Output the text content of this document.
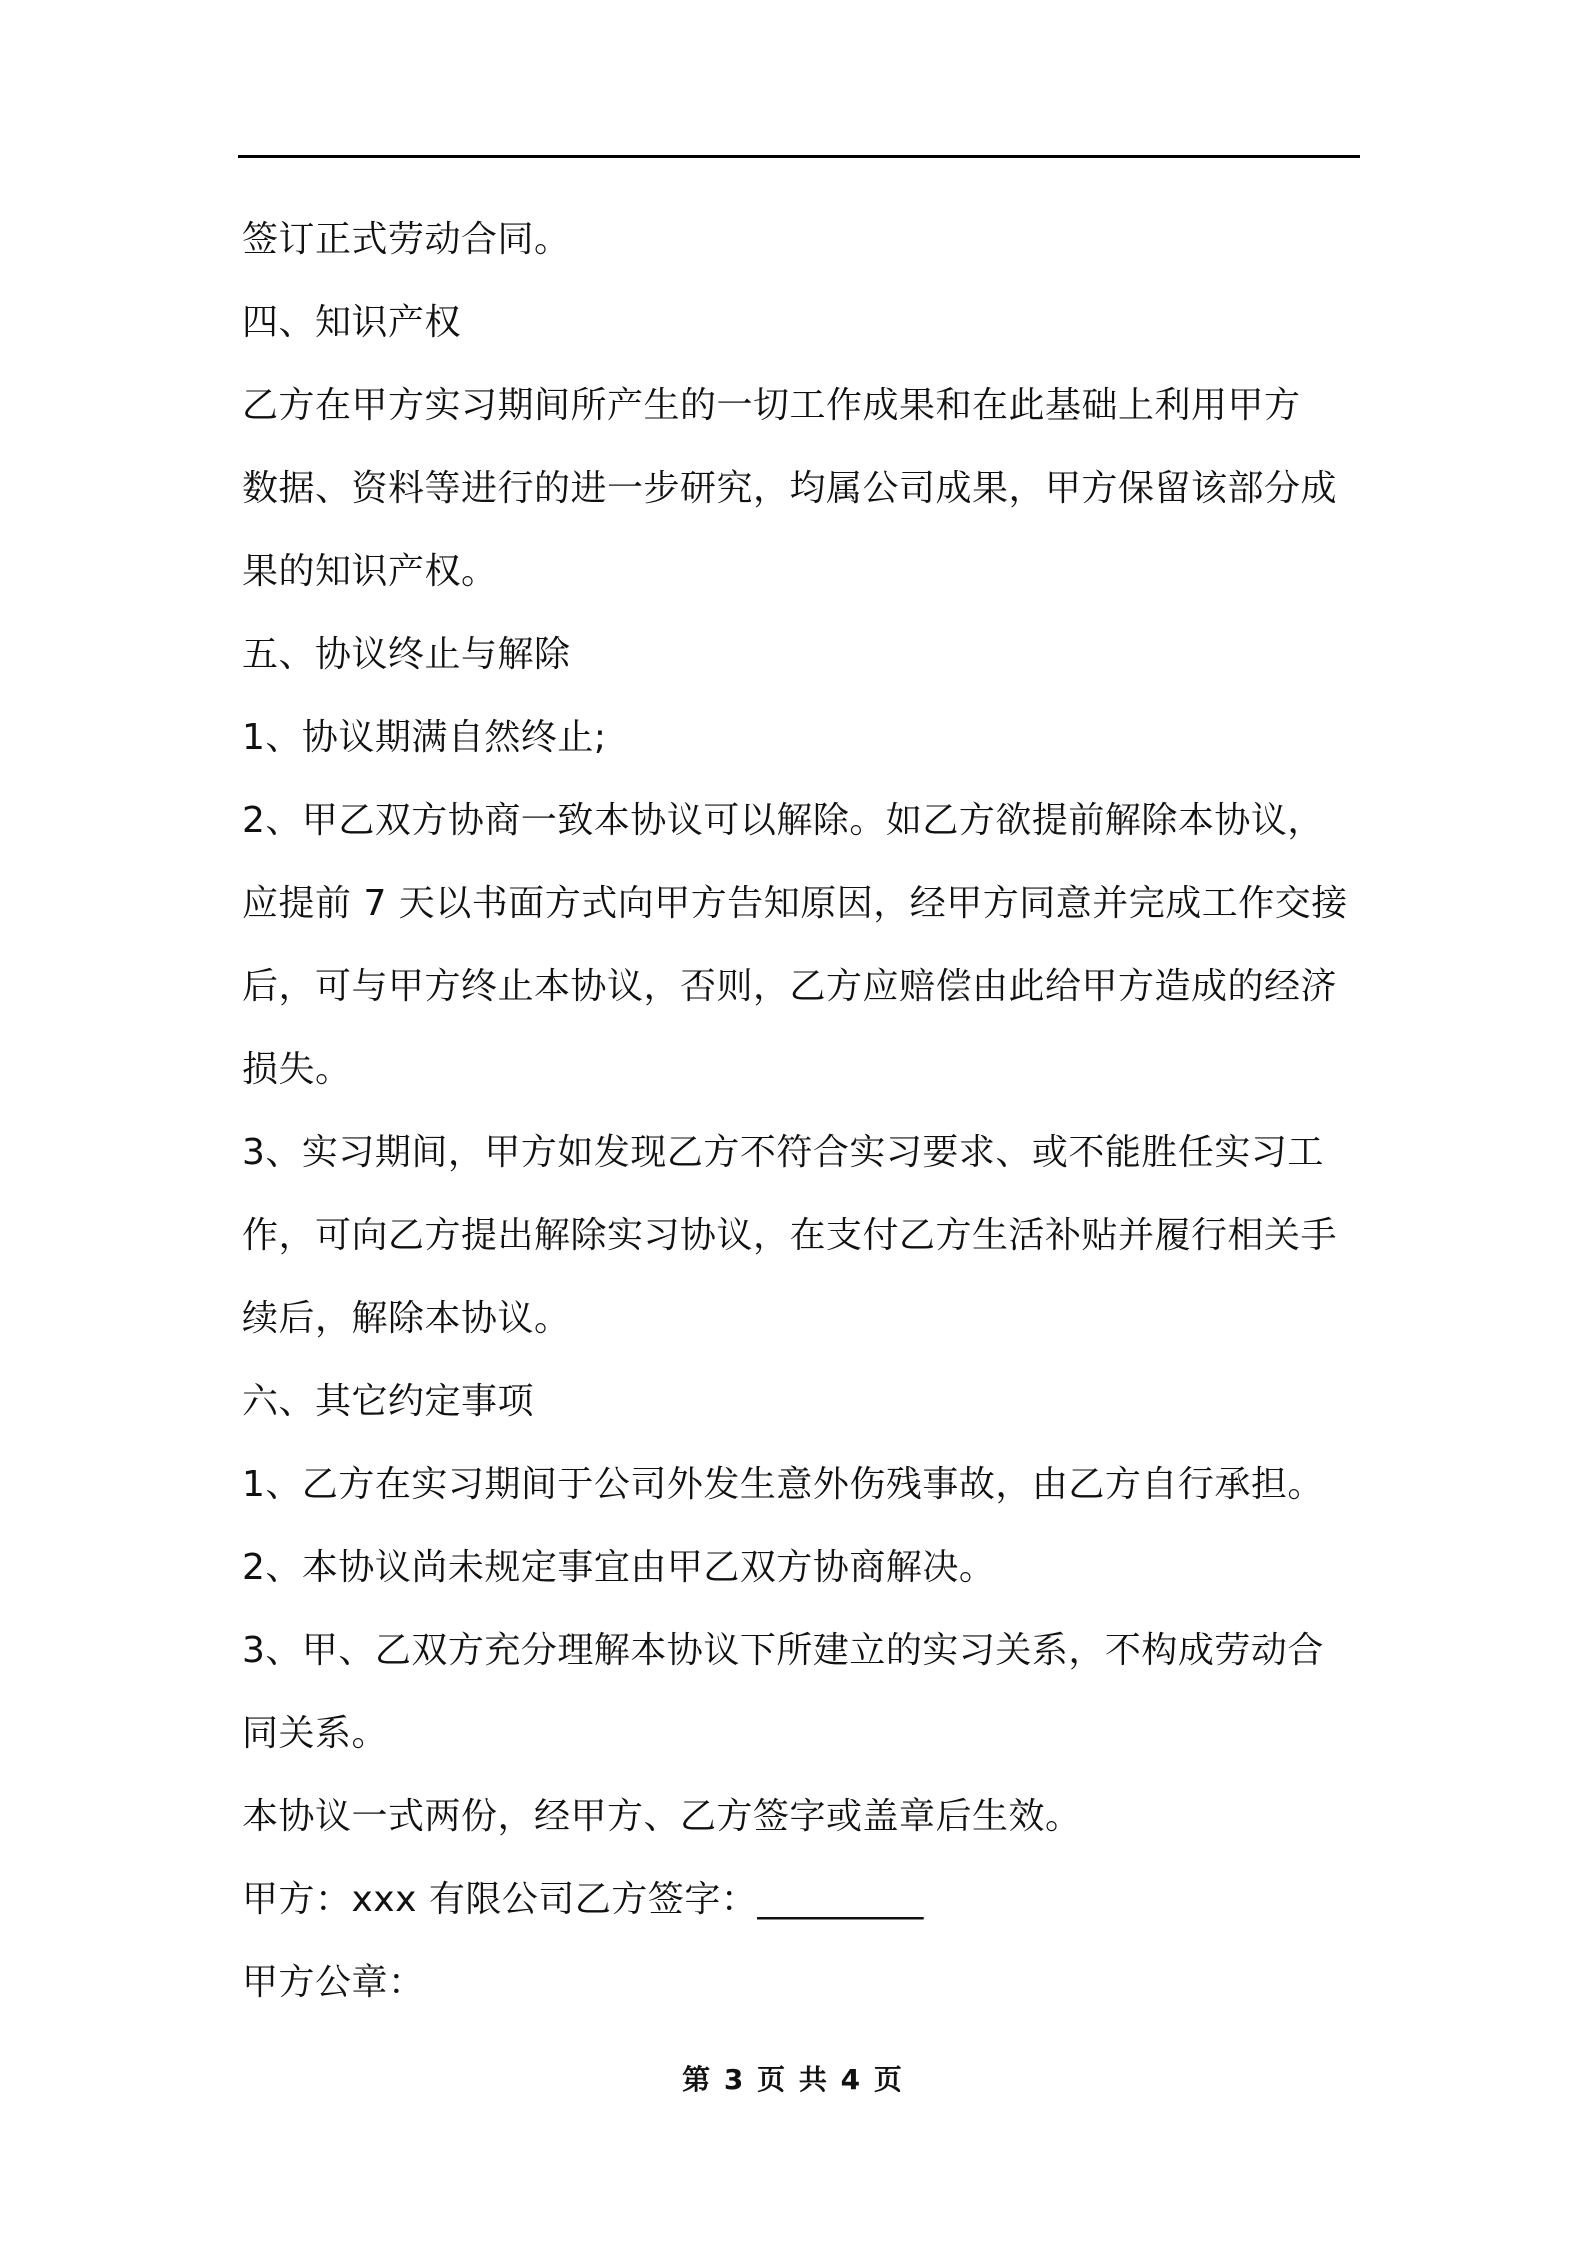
签订正式劳动合同。
四、知识产权
乙方在甲方实习期间所产生的一切工作成果和在此基础上利用甲方
数据、资料等进行的进一步研究，均属公司成果，甲方保留该部分成
果的知识产权。
五、协议终止与解除
1、协议期满自然终止;
2、甲乙双方协商一致本协议可以解除。如乙方欲提前解除本协议，
应提前 7 天以书面方式向甲方告知原因，经甲方同意并完成工作交接
后，可与甲方终止本协议，否则，乙方应赔偿由此给甲方造成的经济
损失。
3、实习期间，甲方如发现乙方不符合实习要求、或不能胜任实习工
作，可向乙方提出解除实习协议，在支付乙方生活补贴并履行相关手
续后，解除本协议。
六、其它约定事项
1、乙方在实习期间于公司外发生意外伤残事故，由乙方自行承担。
2、本协议尚未规定事宜由甲乙双方协商解决。
3、甲、乙双方充分理解本协议下所建立的实习关系，不构成劳动合
同关系。
本协议一式两份，经甲方、乙方签字或盖章后生效。
甲方：xxx 有限公司乙方签字：_________
甲方公章：
第 3 页 共 4 页
